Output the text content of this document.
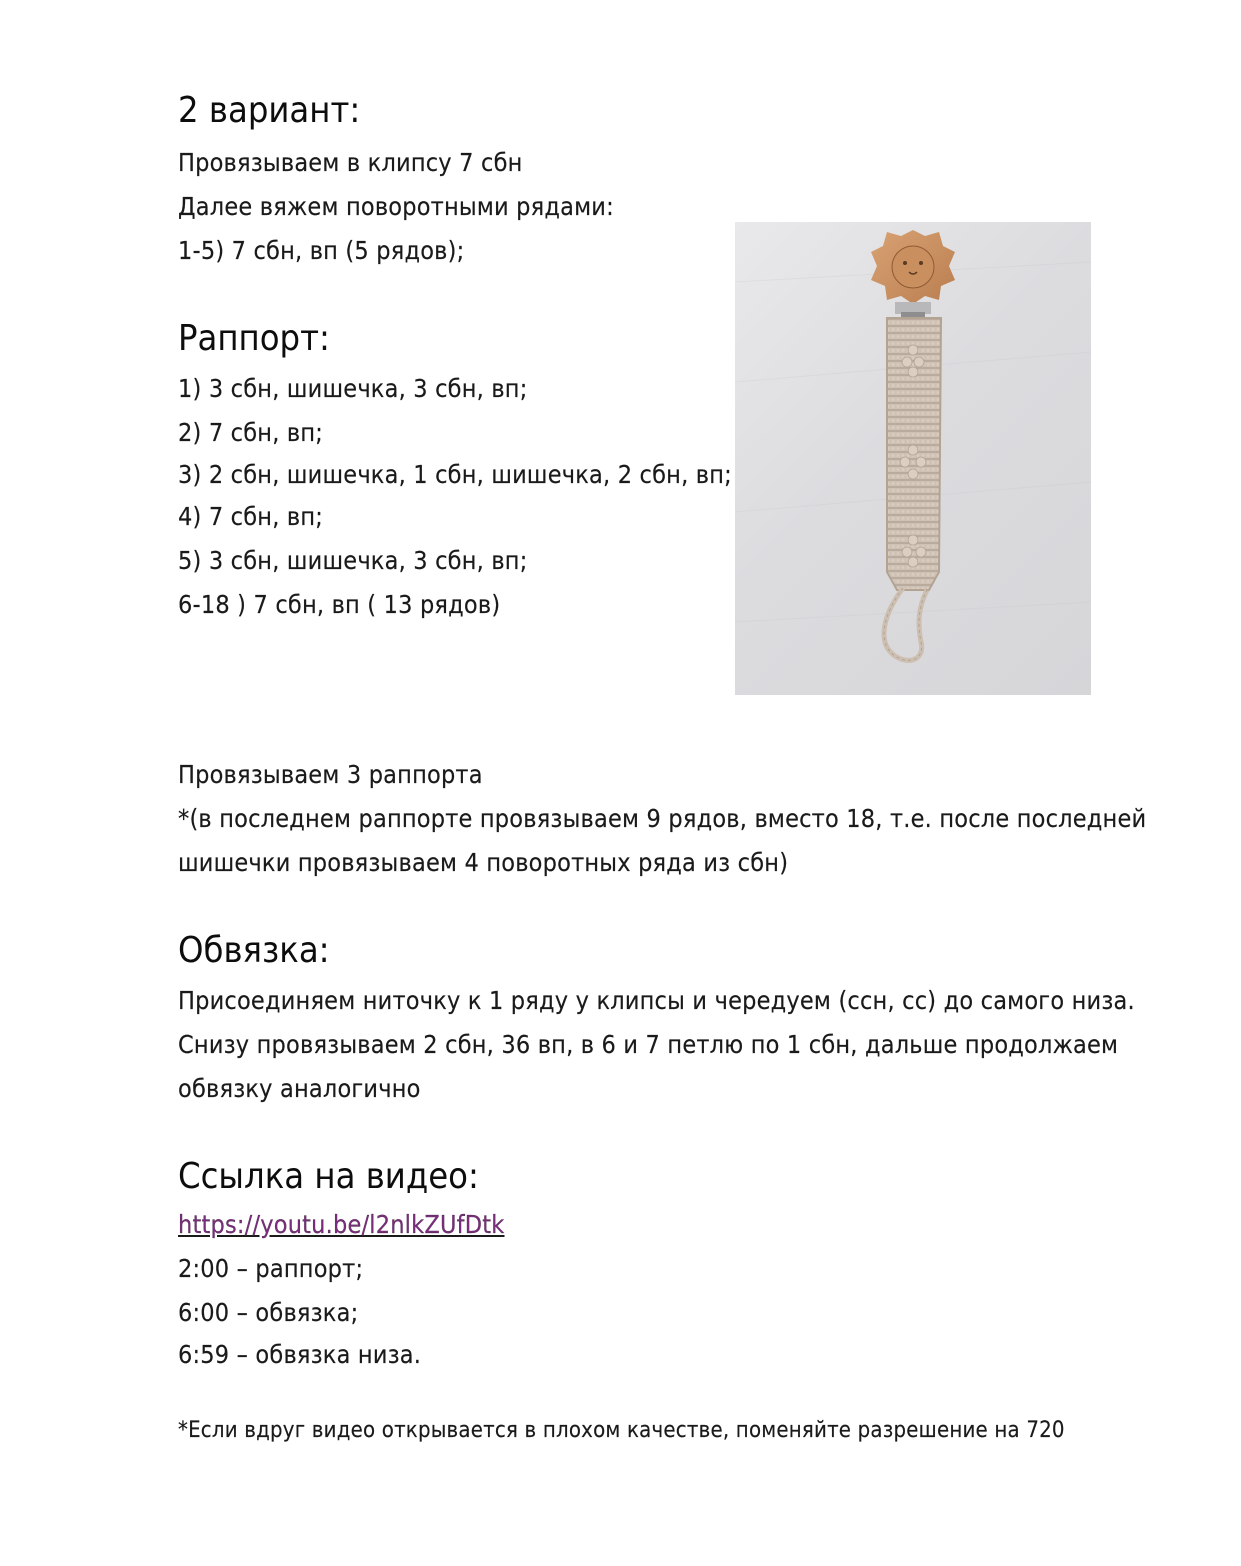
2 вариант:
Провязываем в клипсу 7 сбн
Далее вяжем поворотными рядами:
1-5) 7 сбн, вп (5 рядов);
Раппорт:
1) 3 сбн, шишечка, 3 сбн, вп;
2) 7 сбн, вп;
3) 2 сбн, шишечка, 1 сбн, шишечка, 2 сбн, вп;
4) 7 сбн, вп;
5) 3 сбн, шишечка, 3 сбн, вп;
6-18 ) 7 сбн, вп ( 13 рядов)
Провязываем 3 раппорта
*(в последнем раппорте провязываем 9 рядов, вместо 18, т.е. после последней
шишечки провязываем 4 поворотных ряда из сбн)
Обвязка:
Присоединяем ниточку к 1 ряду у клипсы и чередуем (ссн, сс) до самого низа.
Снизу провязываем 2 сбн, 36 вп, в 6 и 7 петлю по 1 сбн, дальше продолжаем
обвязку аналогично
Ссылка на видео:
https://youtu.be/l2nlkZUfDtk
2:00 – раппорт;
6:00 – обвязка;
6:59 – обвязка низа.
*Если вдруг видео открывается в плохом качестве, поменяйте разрешение на 720
